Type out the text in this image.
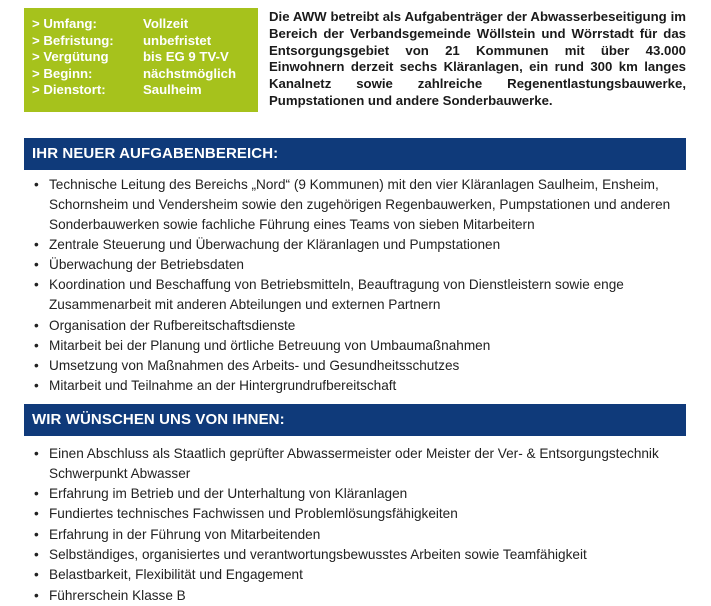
> Umfang:	Vollzeit
> Befristung:	unbefristet
> Vergütung	bis EG 9 TV-V
> Beginn:	nächstmöglich
> Dienstort:	Saulheim

Die AWW betreibt als Aufgabenträger der Abwasserbeseitigung im Bereich der Verbandsgemeinde Wöllstein und Wörrstadt für das Entsorgungsgebiet von 21 Kommunen mit über 43.000 Einwohnern derzeit sechs Kläranlagen, ein rund 300 km langes Kanalnetz sowie zahlreiche Regenentlastungsbauwerke, Pumpstationen und andere Sonderbauwerke.

IHR NEUER AUFGABENBEREICH:
• Technische Leitung des Bereichs „Nord“ (9 Kommunen) mit den vier Kläranlagen Saulheim, Ensheim, Schornsheim und Vendersheim sowie den zugehörigen Regenbauwerken, Pumpstationen und anderen Sonderbauwerken sowie fachliche Führung eines Teams von sieben Mitarbeitern
• Zentrale Steuerung und Überwachung der Kläranlagen und Pumpstationen
• Überwachung der Betriebsdaten
• Koordination und Beschaffung von Betriebsmitteln, Beauftragung von Dienstleistern sowie enge Zusammenarbeit mit anderen Abteilungen und externen Partnern
• Organisation der Rufbereitschaftsdienste
• Mitarbeit bei der Planung und örtliche Betreuung von Umbaumaßnahmen
• Umsetzung von Maßnahmen des Arbeits- und Gesundheitsschutzes
• Mitarbeit und Teilnahme an der Hintergrundrufbereitschaft
WIR WÜNSCHEN UNS VON IHNEN:
• Einen Abschluss als Staatlich geprüfter Abwassermeister oder Meister der Ver- & Entsorgungstechnik Schwerpunkt Abwasser
• Erfahrung im Betrieb und der Unterhaltung von Kläranlagen
• Fundiertes technisches Fachwissen und Problemlösungsfähigkeiten
• Erfahrung in der Führung von Mitarbeitenden
• Selbständiges, organisiertes und verantwortungsbewusstes Arbeiten sowie Teamfähigkeit
• Belastbarkeit, Flexibilität und Engagement
• Führerschein Klasse B
